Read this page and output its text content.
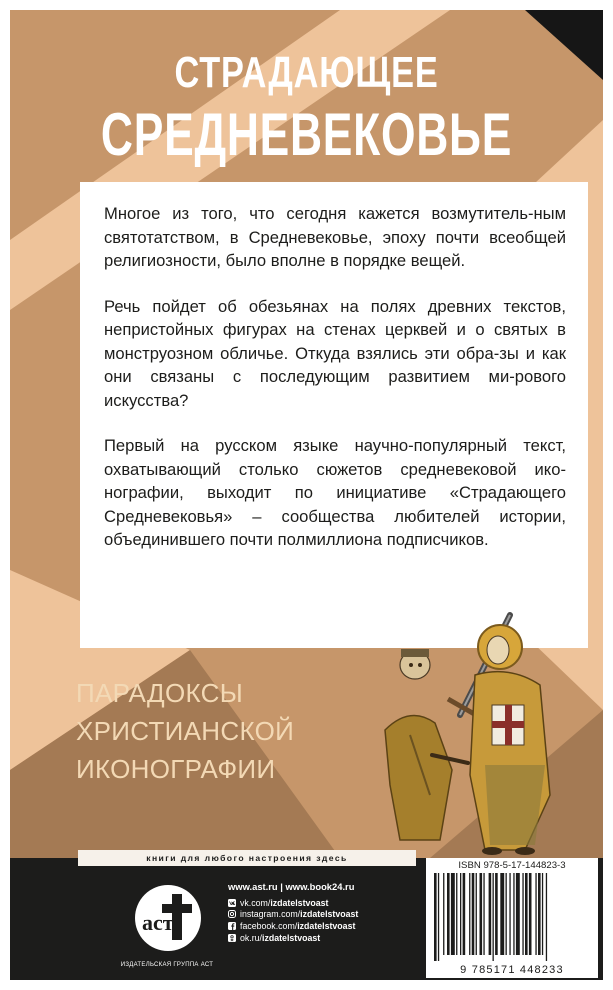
СТРАДАЮЩЕЕ
СРЕДНЕВЕКОВЬЕ

Многое из того, что сегодня кажется возмутитель-ным святотатством, в Средневековье, эпоху почти всеобщей религиозности, было вполне в порядке вещей.

Речь пойдет об обезьянах на полях древних текстов, непристойных фигурах на стенах церквей и о святых в монструозном обличье. Откуда взялись эти обра-зы и как они связаны с последующим развитием ми-рового искусства?

Первый на русском языке научно-популярный текст, охватывающий столько сюжетов средневековой ико-нографии, выходит по инициативе «Страдающего Средневековья» – сообщества любителей истории, объединившего почти полмиллиона подписчиков.

ПАРАДОКСЫ
ХРИСТИАНСКОЙ
ИКОНОГРАФИИ
книги для любого настроения здесь
аст
ИЗДАТЕЛЬСКАЯ ГРУППА АСТ
www.ast.ru | www.book24.ru
vk.com/ izdatelstvoast
instagram.com/ izdatelstvoast
facebook.com/ izdatelstvoast
ok.ru/ izdatelstvoast
ISBN 978-5-17-144823-3
9 785171 448233
